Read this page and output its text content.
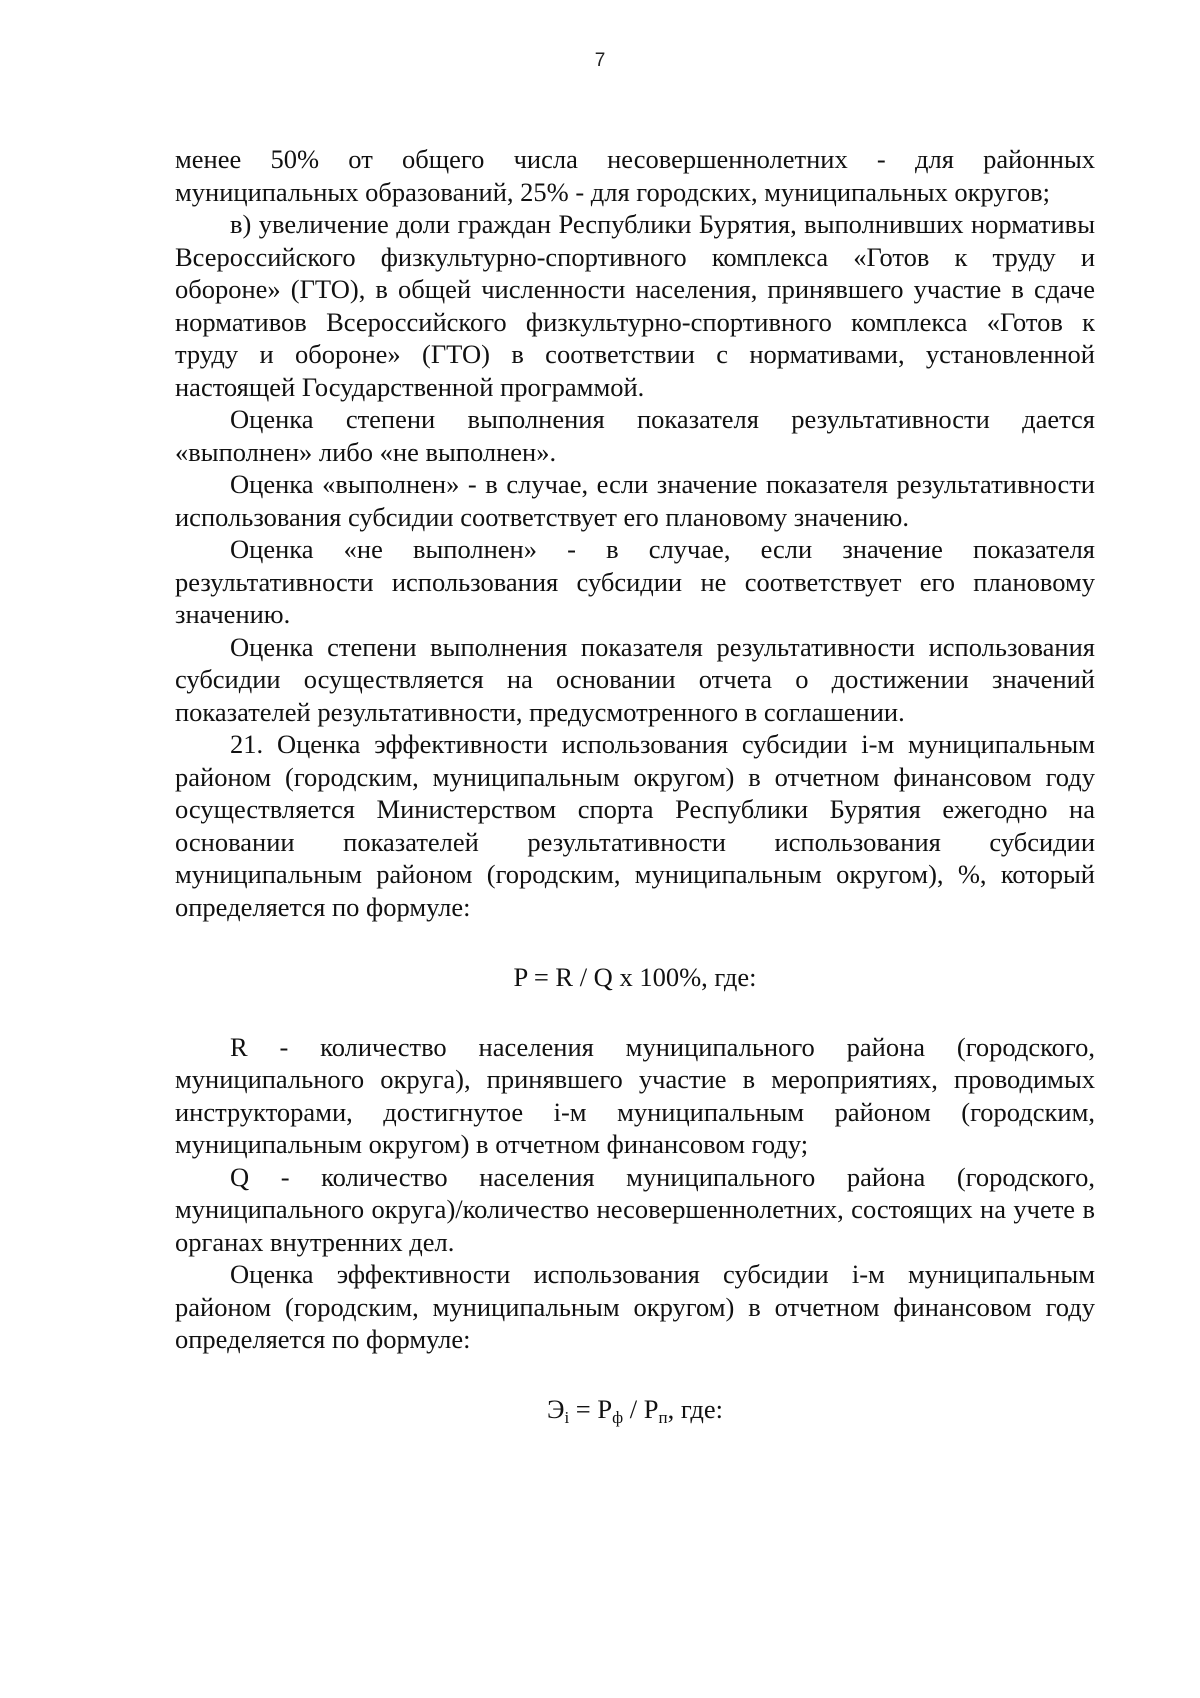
7

менее 50% от общего числа несовершеннолетних - для районных муниципальных образований, 25% - для городских, муниципальных округов;

в) увеличение доли граждан Республики Бурятия, выполнивших нормативы Всероссийского физкультурно-спортивного комплекса «Готов к труду и обороне» (ГТО), в общей численности населения, принявшего участие в сдаче нормативов Всероссийского физкультурно-спортивного комплекса «Готов к труду и обороне» (ГТО) в соответствии с нормативами, установленной настоящей Государственной программой.

Оценка степени выполнения показателя результативности дается «выполнен» либо «не выполнен».

Оценка «выполнен» - в случае, если значение показателя результативности использования субсидии соответствует его плановому значению.

Оценка «не выполнен» - в случае, если значение показателя результативности использования субсидии не соответствует его плановому значению.

Оценка степени выполнения показателя результативности использования субсидии осуществляется на основании отчета о достижении значений показателей результативности, предусмотренного в соглашении.

21. Оценка эффективности использования субсидии i-м муниципальным районом (городским, муниципальным округом) в отчетном финансовом году осуществляется Министерством спорта Республики Бурятия ежегодно на основании показателей результативности использования субсидии муниципальным районом (городским, муниципальным округом), %, который определяется по формуле:

P = R / Q x 100%, где:

R - количество населения муниципального района (городского, муниципального округа), принявшего участие в мероприятиях, проводимых инструкторами, достигнутое i-м муниципальным районом (городским, муниципальным округом) в отчетном финансовом году;

Q - количество населения муниципального района (городского, муниципального округа)/количество несовершеннолетних, состоящих на учете в органах внутренних дел.

Оценка эффективности использования субсидии i-м муниципальным районом (городским, муниципальным округом) в отчетном финансовом году определяется по формуле:

$Э_i = Р_ф / Р_п$, где:
